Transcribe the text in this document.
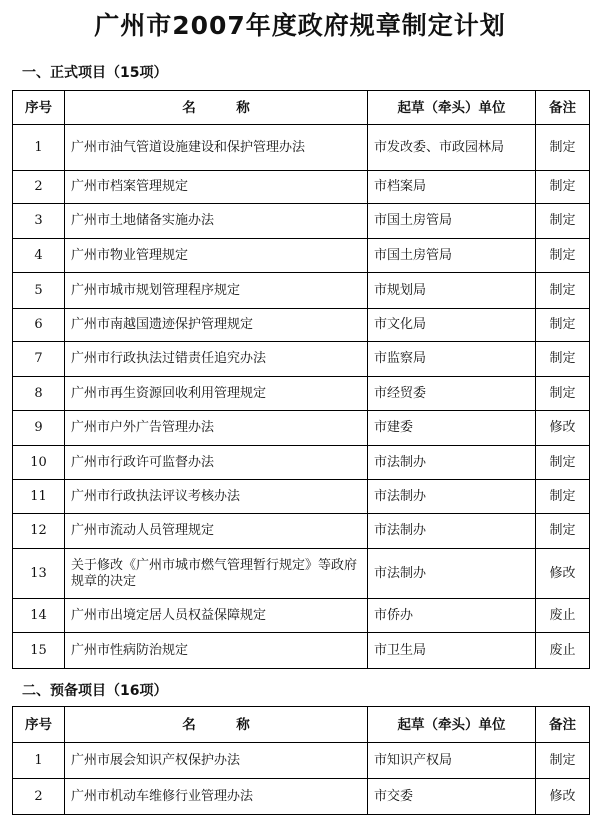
广州市2007年度政府规章制定计划
一、正式项目（15项）
序号	名　　　称	起草（牵头）单位	备注
1	广州市油气管道设施建设和保护管理办法	市发改委、市政园林局	制定
2	广州市档案管理规定	市档案局	制定
3	广州市土地储备实施办法	市国土房管局	制定
4	广州市物业管理规定	市国土房管局	制定
5	广州市城市规划管理程序规定	市规划局	制定
6	广州市南越国遗迹保护管理规定	市文化局	制定
7	广州市行政执法过错责任追究办法	市监察局	制定
8	广州市再生资源回收利用管理规定	市经贸委	制定
9	广州市户外广告管理办法	市建委	修改
10	广州市行政许可监督办法	市法制办	制定
11	广州市行政执法评议考核办法	市法制办	制定
12	广州市流动人员管理规定	市法制办	制定
13	关于修改《广州市城市燃气管理暂行规定》等政府规章的决定	市法制办	修改
14	广州市出境定居人员权益保障规定	市侨办	废止
15	广州市性病防治规定	市卫生局	废止
二、预备项目（16项）
序号	名　　　称	起草（牵头）单位	备注
1	广州市展会知识产权保护办法	市知识产权局	制定
2	广州市机动车维修行业管理办法	市交委	修改
